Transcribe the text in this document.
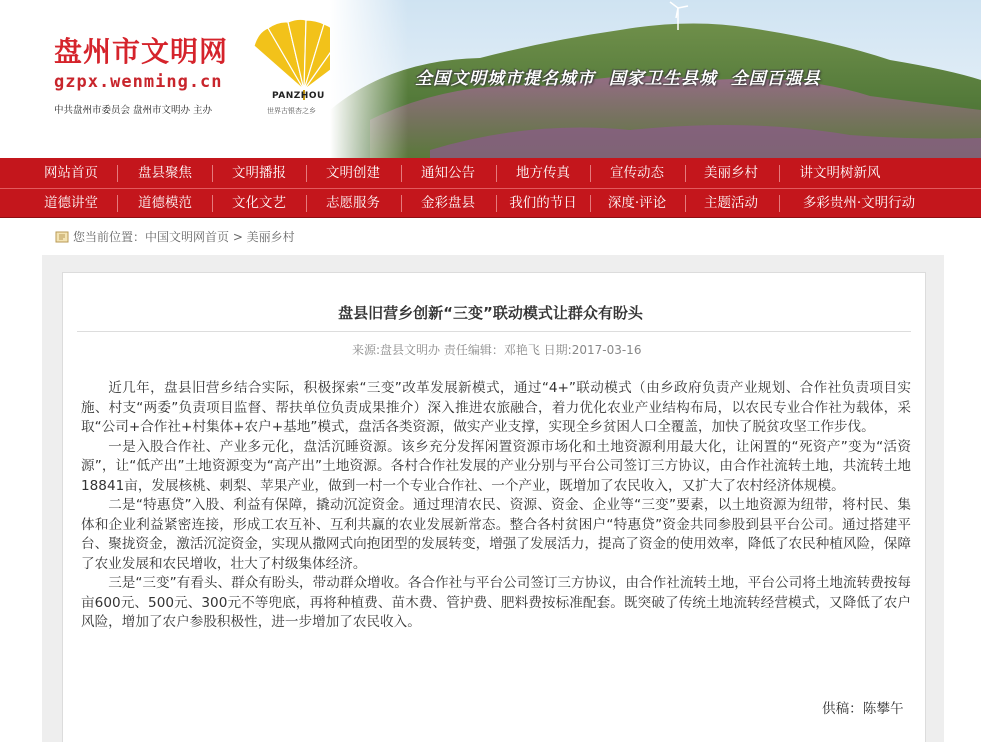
盘州市文明网
gzpx.wenming.cn
中共盘州市委员会 盘州市文明办 主办
PANZHOU
世界古银杏之乡
全国文明城市提名城市  国家卫生县城  全国百强县
网站首页	盘县聚焦	文明播报	文明创建	通知公告	地方传真	宣传动态	美丽乡村	讲文明树新风
道德讲堂	道德模范	文化文艺	志愿服务	金彩盘县	我们的节日	深度·评论	主题活动	多彩贵州·文明行动
您当前位置：中国文明网首页 > 美丽乡村
盘县旧营乡创新“三变”联动模式让群众有盼头
来源:盘县文明办 责任编辑：邓艳飞 日期:2017-03-16

近几年，盘县旧营乡结合实际，积极探索“三变”改革发展新模式，通过“4+”联动模式（由乡政府负责产业规划、合作社负责项目实施、村支“两委”负责项目监督、帮扶单位负责成果推介）深入推进农旅融合，着力优化农业产业结构布局，以农民专业合作社为载体，采取“公司+合作社+村集体+农户+基地”模式，盘活各类资源，做实产业支撑，实现全乡贫困人口全覆盖，加快了脱贫攻坚工作步伐。

一是入股合作社、产业多元化，盘活沉睡资源。该乡充分发挥闲置资源市场化和土地资源利用最大化，让闲置的“死资产”变为“活资源”，让“低产出”土地资源变为“高产出”土地资源。各村合作社发展的产业分别与平台公司签订三方协议，由合作社流转土地，共流转土地18841亩，发展核桃、刺梨、苹果产业，做到一村一个专业合作社、一个产业，既增加了农民收入，又扩大了农村经济体规模。

二是“特惠贷”入股、利益有保障，撬动沉淀资金。通过理清农民、资源、资金、企业等“三变”要素，以土地资源为纽带，将村民、集体和企业利益紧密连接，形成工农互补、互利共赢的农业发展新常态。整合各村贫困户“特惠贷”资金共同参股到县平台公司。通过搭建平台、聚拢资金，激活沉淀资金，实现从撒网式向抱团型的发展转变，增强了发展活力，提高了资金的使用效率，降低了农民种植风险，保障了农业发展和农民增收，壮大了村级集体经济。

三是“三变”有看头、群众有盼头，带动群众增收。各合作社与平台公司签订三方协议，由合作社流转土地，平台公司将土地流转费按每亩600元、500元、300元不等兜底，再将种植费、苗木费、管护费、肥料费按标准配套。既突破了传统土地流转经营模式，又降低了农户风险，增加了农户参股积极性，进一步增加了农民收入。

供稿：陈攀午
